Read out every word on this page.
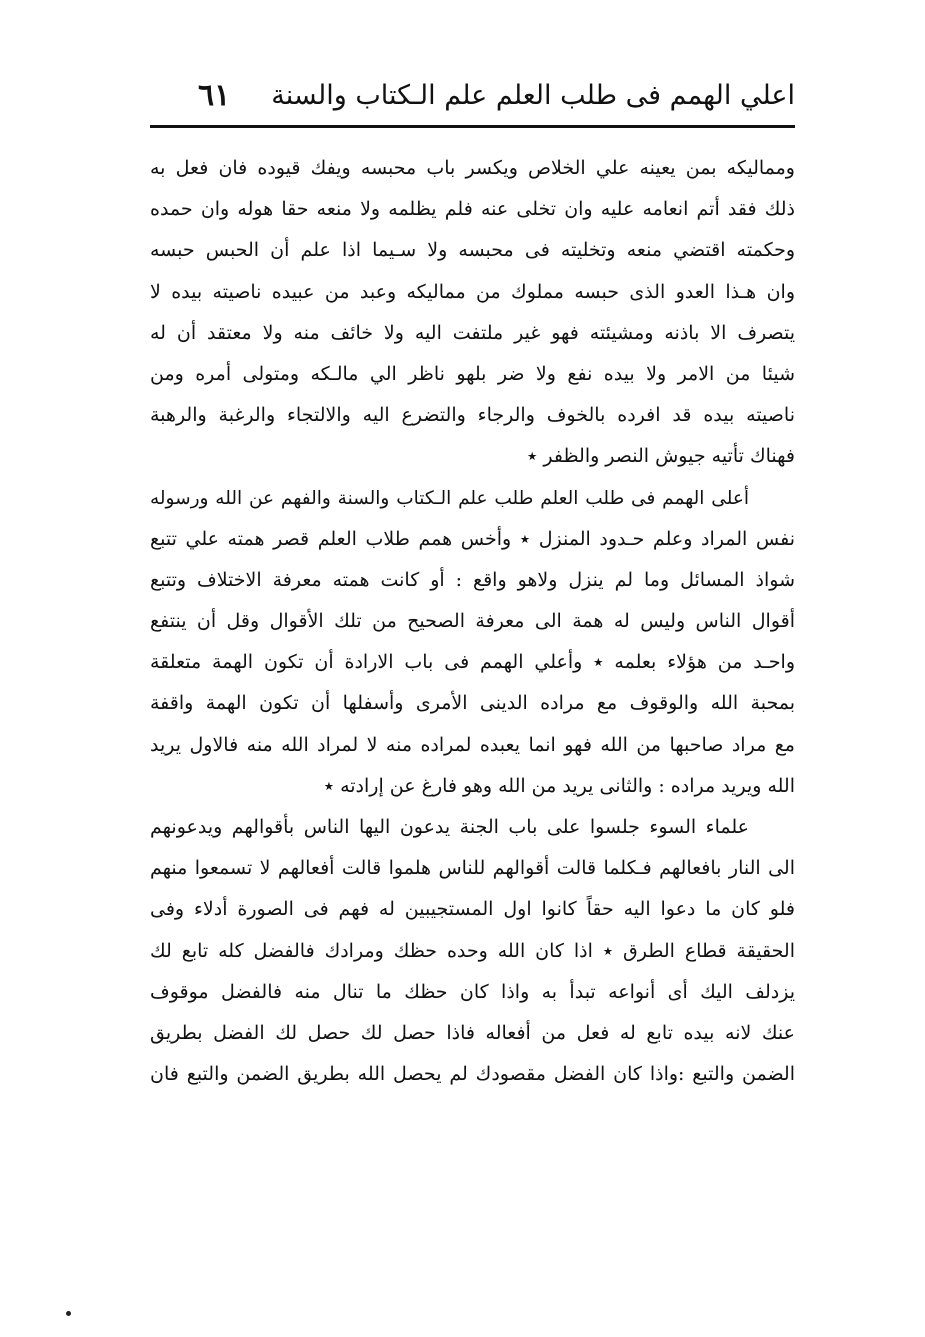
اعلي الهمم فى طلب العلم علم الـكتاب والسنة
٦١
ومماليكه بمن يعينه علي الخلاص ويكسر باب محبسه ويفك قيوده فان فعل به
ذلك فقد أتم انعامه عليه وان تخلى عنه فلم يظلمه ولا منعه حقا هوله وان حمده
وحكمته اقتضي منعه وتخليته فى محبسه ولا سـيما اذا علم أن الحبس حبسه
وان هـذا العدو الذى حبسه مملوك من مماليكه وعبد من عبيده ناصيته بيده لا
يتصرف الا باذنه ومشيئته فهو غير ملتفت اليه ولا خائف منه ولا معتقد أن له
شيئا من الامر ولا بيده نفع ولا ضر بلهو ناظر الي مالـكه ومتولى أمره ومن
ناصيته بيده قد افرده بالخوف والرجاء والتضرع اليه والالتجاء والرغبة والرهبة
فهناك تأتيه جيوش النصر والظفر ٭
أعلى الهمم فى طلب العلم طلب علم الـكتاب والسنة والفهم عن الله ورسوله
نفس المراد وعلم حـدود المنزل ٭ وأخس همم طلاب العلم قصر همته علي تتبع
شواذ المسائل وما لم ينزل ولاهو واقع : أو كانت همته معرفة الاختلاف وتتبع
أقوال الناس وليس له همة الى معرفة الصحيح من تلك الأقوال وقل أن ينتفع
واحـد من هؤلاء بعلمه ٭ وأعلي الهمم فى باب الارادة أن تكون الهمة متعلقة
بمحبة الله والوقوف مع مراده الدينى الأمرى وأسفلها أن تكون الهمة واقفة
مع مراد صاحبها من الله فهو انما يعبده لمراده منه لا لمراد الله منه فالاول يريد
الله ويريد مراده : والثانى يريد من الله وهو فارغ عن إرادته ٭
علماء السوء جلسوا على باب الجنة يدعون اليها الناس بأقوالهم ويدعونهم
الى النار بافعالهم فـكلما قالت أقوالهم للناس هلموا قالت أفعالهم لا تسمعوا منهم
فلو كان ما دعوا اليه حقاً كانوا اول المستجيبين له فهم فى الصورة أدلاء وفى
الحقيقة قطاع الطرق ٭ اذا كان الله وحده حظك ومرادك فالفضل كله تابع لك
يزدلف اليك أى أنواعه تبدأ به واذا كان حظك ما تنال منه فالفضل موقوف
عنك لانه بيده تابع له فعل من أفعاله فاذا حصل لك حصل لك الفضل بطريق
الضمن والتبع :واذا كان الفضل مقصودك لم يحصل الله بطريق الضمن والتبع فان
